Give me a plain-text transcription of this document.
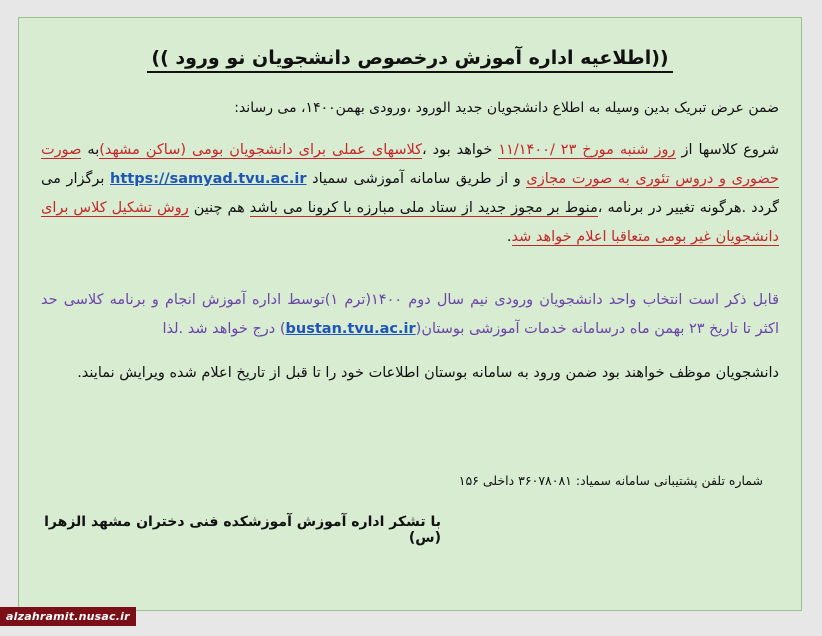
((اطلاعیه اداره آموزش درخصوص دانشجویان نو ورود ))
ضمن عرض تبریک بدین وسیله به اطلاع دانشجویان جدید الورود ،ورودی بهمن۱۴۰۰، می رساند:
شروع کلاسها از روز شنبه مورخ ۲۳ /۱۱/۱۴۰۰ خواهد بود ،کلاسهای عملی برای دانشجویان بومی (ساکن مشهد)به صورت حضوری و دروس تئوری به صورت مجازی و از طریق سامانه آموزشی سمیاد https://samyad.tvu.ac.ir برگزار می گردد .هرگونه تغییر در برنامه ،منوط بر مجوز جدید از ستاد ملی مبارزه با کرونا می باشد هم چنین روش تشکیل کلاس برای دانشجویان غیر بومی متعاقبا اعلام خواهد شد.
قابل ذکر است انتخاب واحد دانشجویان ورودی نیم سال دوم ۱۴۰۰(ترم ۱)توسط اداره آموزش انجام و برنامه کلاسی حد اکثر تا تاریخ ۲۳ بهمن ماه درسامانه خدمات آموزشی بوستان(bustan.tvu.ac.ir) درج خواهد شد .لذا
دانشجویان موظف خواهند بود ضمن ورود به سامانه بوستان اطلاعات خود را تا قبل از تاریخ اعلام شده ویرایش نمایند.
شماره تلفن پشتیبانی سامانه سمیاد: ۳۶۰۷۸۰۸۱ داخلی ۱۵۶
با تشکر اداره آموزش آموزشکده فنی دختران مشهد الزهرا (س)
alzahramit.nusac.ir
